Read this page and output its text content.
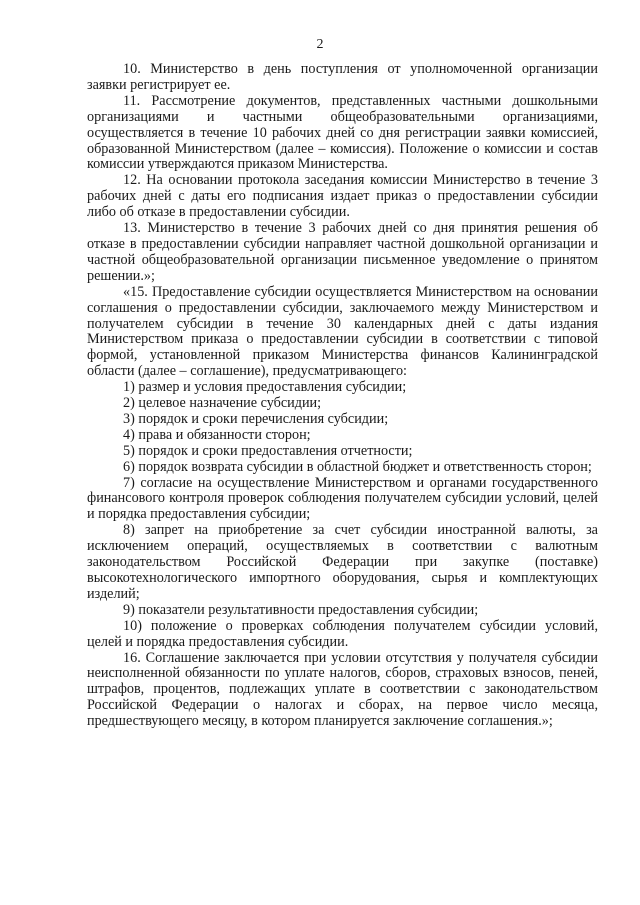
2

10. Министерство в день поступления от уполномоченной организации заявки регистрирует ее.

11. Рассмотрение документов, представленных частными дошкольными организациями и частными общеобразовательными организациями, осуществляется в течение 10 рабочих дней со дня регистрации заявки комиссией, образованной Министерством (далее – комиссия). Положение о комиссии и состав комиссии утверждаются приказом Министерства.

12. На основании протокола заседания комиссии Министерство в течение 3 рабочих дней с даты его подписания издает приказ о предоставлении субсидии либо об отказе в предоставлении субсидии.

13. Министерство в течение 3 рабочих дней со дня принятия решения об отказе в предоставлении субсидии направляет частной дошкольной организации и частной общеобразовательной организации письменное уведомление о принятом решении.»;

«15. Предоставление субсидии осуществляется Министерством на основании соглашения о предоставлении субсидии, заключаемого между Министерством и получателем субсидии в течение 30 календарных дней с даты издания Министерством приказа о предоставлении субсидии в соответствии с типовой формой, установленной приказом Министерства финансов Калининградской области (далее – соглашение), предусматривающего:

1) размер и условия предоставления субсидии;

2) целевое назначение субсидии;

3) порядок и сроки перечисления субсидии;

4) права и обязанности сторон;

5) порядок и сроки предоставления отчетности;

6) порядок возврата субсидии в областной бюджет и ответственность сторон;

7) согласие на осуществление Министерством и органами государственного финансового контроля проверок соблюдения получателем субсидии условий, целей и порядка предоставления субсидии;

8) запрет на приобретение за счет субсидии иностранной валюты, за исключением операций, осуществляемых в соответствии с валютным законодательством Российской Федерации при закупке (поставке) высокотехнологического импортного оборудования, сырья и комплектующих изделий;

9) показатели результативности предоставления субсидии;

10) положение о проверках соблюдения получателем субсидии условий, целей и порядка предоставления субсидии.

16. Соглашение заключается при условии отсутствия у получателя субсидии неисполненной обязанности по уплате налогов, сборов, страховых взносов, пеней, штрафов, процентов, подлежащих уплате в соответствии с законодательством Российской Федерации о налогах и сборах, на первое число месяца, предшествующего месяцу, в котором планируется заключение соглашения.»;
